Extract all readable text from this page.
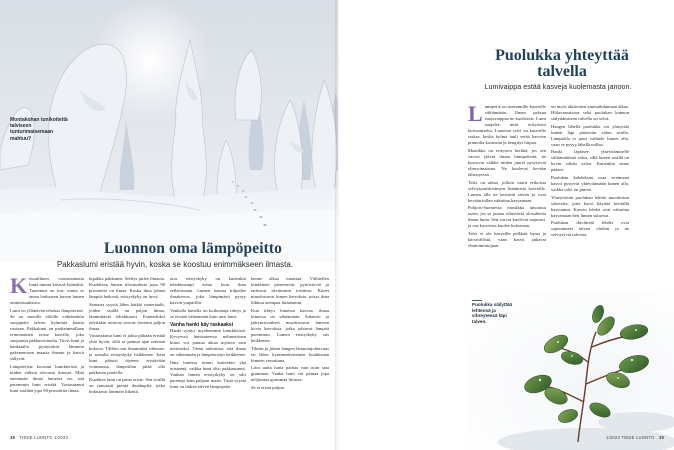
Montakohan tunikoitettä talviseen tunturimaisemaan mahtuu?
Luonnon oma lämpöpeitto
Pakkaslumi eristää hyvin, koska se koostuu enimmäkseen ilmasta.
K euraillinen vastasatanutta lunta tuntuu käsissä kylmältä. Tuntemus on tosi, mutta se antaa harhaisen kuvan lumen ominaisuuksista.

Lumi on yllättävän tehokas lämpöeriste. Se on monille eliöille välttämätön suojapeite talven kylmintä kautta vastaan. Pakkalumi on parhaimmillaan erinomainen eriste kasville, joka suojautuu pakkasviimalta. Tiivis lumi ja hankiaalto pysäyttävät lämmön pakenemisen maasta ilmaan ja kasvit säilyvät.

Lämpöeriste koostuu lumikiteistä ja niiden välissä olevasta ilmasta. Mitä enemmän ilmaa lumessa on, sitä paremmin lumi eristää. Vastasatanut lumi sisältää jopa 90 prosenttia ilmaa.

kipakka pakkanen. Selitys piilee ilmassa. Kuohkean lumen tilavuudesta jopa 90 prosenttia on ilmaa. Koska ilma johtaa lämpöä heikosti, eristyskyky on hyvä.

Samasta syystä lähes kaikki materiaalit, joiden sisällä on paljon ilmaa, lämmittävät tehokkaasti. Esimerkiksi talvitakin untuvat sitovat itseensä paljon ilmaa.

Vastasatanut lumi ei jaksa pitkään eristää yhtä hyvin, sillä se painuu ajan mittaan kokoon. Tällöin sen ilmamäärä vähenee, ja samalla eristyskyky heikkenee. Jotta lumi pääsisi täyteen eristävään voimaansa, lämpötilan pitää olla pakkasen puolella.

Kuohkea lumi on paras eriste. Sen sisällä on runsaasti pieniä ilmakuplia, jotka hidastavat lämmön liikettä.

arra eristyskyky on kuitenkin tehokkaampi eriste kuin ilma sellaisenaan. Lumen kanssa kilpailee ilmakerros, joka lämpimästi pysyy kasvin ympärillä.

Vanhalla lumella on korkeampi tiheys ja se eristää vähemmän kuin uusi lumi.

Vanha hanki käy raskaaksi

Hanki syntyy myöhemmin lumikiteistä. Kevyessä lumisateessa nelimetrinen kinos voi painua aikaa myöten vain metriseksi. Tämä tarkoittaa, että ilmaa on vähemmän ja lämpöeristys heikkenee.

Ilma lumissa toimii kuitenkin yhä eristeenä, vaikka lumi olisi pakkautunut. Vanhan lumen eristyskyky on silti parempi kuin paljaan maan. Tästä syystä lumi on tärkeä talven lämpöpeite.

kenne alkaa muuttua. Välittellen lumikiteet pienenevät, pyöristyvät ja tarttuvat tiiviimmin toisiinsa. Kiteet muodostavat lumen kerroksia, joissa ilma liikkuu aiempaa hitaammin.

Kun tiheys lumessa kasvaa, ilmaa lumessa on vähemmän. Sulamis- ja jäätymisvaiheet muodostavat lumeen kovia kerroksia, jotka johtavat lämpöä paremmin. Lumen eristyskyky siis heikkenee.

Tiheän ja jäisen hangen lämmönjohtavuus on lähes kymmenkertainen kuohkeaan lumeen verrattuna.

Litra uutta lunta painaa vain noin sata grammaa. Vanha lumi voi painaa jopa neljäsataa grammaa litrassa.

Se ei eristä paljon.

38 TIEDE LUONTO 1/2023
Puolukka yhteyttää talvella
Lumivaippa estää kasveja kuolemasta janoon.
L umipeite on useimmille kasveille välttämätön. Ilman paksua suojavaippaa ne kuolisivat. Lumi suojelee niitä erityisesti kuivumiselta. Lumeton talvi on kasveille raskas, koska kylmä tuuli vetää kasvien pinnoilta kosteutta ja hengitys hiipuu.

Mustikka on erityisen herkkä: jos sen varvut jäävät ilman lumipeitettä, ne kuivuvat vaikka niiden juuret pysyisivät elinvoimaisina. Ne kuolevat kevään lähestyessä.

Talvi on aikaa, jolloin vaatii erikoista selviytymiskeinojen lisäämistä kasveille. Lumen alla ne kestävät talven ja ovat kevään tullen valmiina kasvamaan.

Pohjois-Suomessa mustikka tuhoutuu usein, jos se joutuu vihertäviä olosuhteita ilman lunta. Sen varvut kuolevat nopeasti, ja osa kasveista kuolee kokonaan.

Talvi ei ole kasveille pelkkää lepoa ja kärsivällistä, vaan kasvit jatkavat elintoimintojaan.

on myös aktiivinen ainesaihduntaan alkaa. Hiilavaaraisuus sekä puolukan kunnon säilyttämiseen talvella on selvä.

Hangen lähellä puolukka voi yhteyttää lumen läpi pääsevän valon avulla. Lämpötila ei juuri vaihtele lumen alla, vaan se pysyy lähellä nollaa.

Hanki läpäisee yhteyttämiselle välttämätöntä valoa, sillä lumen sisällä on hyvin vähän valoa. Kuitenkin sinne pääsee.

Puolukan kahdeksan osaa avaimena kasvit pystyvät yhteyttämään lumen alla, vaikka talvi on pimeä.

Yhteyttävän puolukan lehtiin muodostuu sokereita, joita kasvi käyttää keväällä kasvuunsa. Kasvin lehdet ovat valmiina kasvamaan heti lumen sulaessa.

Puolukan ikivihreät lehdet ovat sopeutuneet talven oloihin ja ne selviytyvät talvesta.

Puolukka säilyttää lehtensä ja vihreytensä läpi talven.
1/2023 TIEDE LUONTO 39
